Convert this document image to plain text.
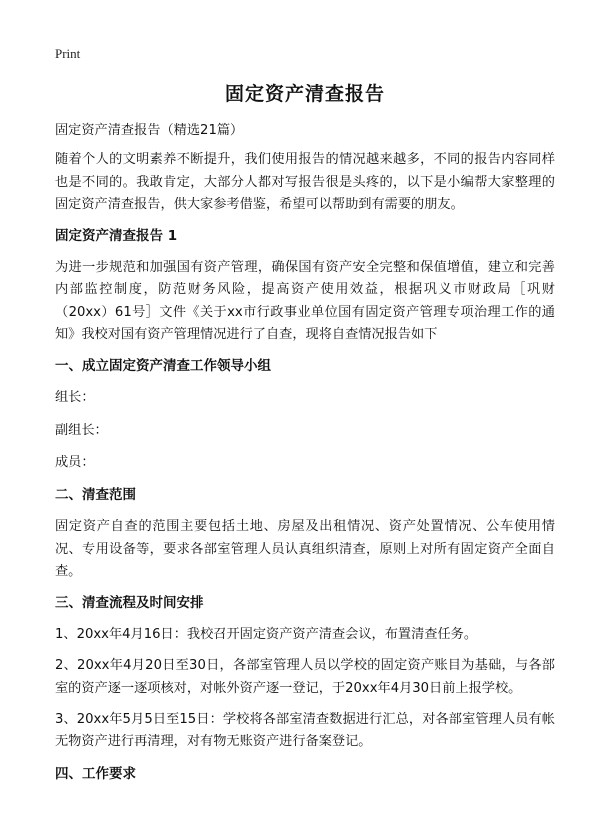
Print
固定资产清查报告

固定资产清查报告（精选21篇）

随着个人的文明素养不断提升，我们使用报告的情况越来越多，不同的报告内容同样也是不同的。我敢肯定，大部分人都对写报告很是头疼的，以下是小编帮大家整理的固定资产清查报告，供大家参考借鉴，希望可以帮助到有需要的朋友。

固定资产清查报告 1

为进一步规范和加强国有资产管理，确保国有资产安全完整和保值增值，建立和完善内部监控制度，防范财务风险，提高资产使用效益，根据巩义市财政局［巩财（20xx）61号］文件《关于xx市行政事业单位国有固定资产管理专项治理工作的通知》我校对国有资产管理情况进行了自查，现将自查情况报告如下

一、成立固定资产清查工作领导小组

组长：

副组长：

成员：

二、清查范围

固定资产自查的范围主要包括土地、房屋及出租情况、资产处置情况、公车使用情况、专用设备等，要求各部室管理人员认真组织清查，原则上对所有固定资产全面自查。

三、清查流程及时间安排

1、20xx年4月16日：我校召开固定资产资产清查会议，布置清查任务。

2、20xx年4月20日至30日，各部室管理人员以学校的固定资产账目为基础，与各部室的资产逐一逐项核对，对帐外资产逐一登记，于20xx年4月30日前上报学校。

3、20xx年5月5日至15日：学校将各部室清查数据进行汇总，对各部室管理人员有帐无物资产进行再清理，对有物无账资产进行备案登记。

四、工作要求
